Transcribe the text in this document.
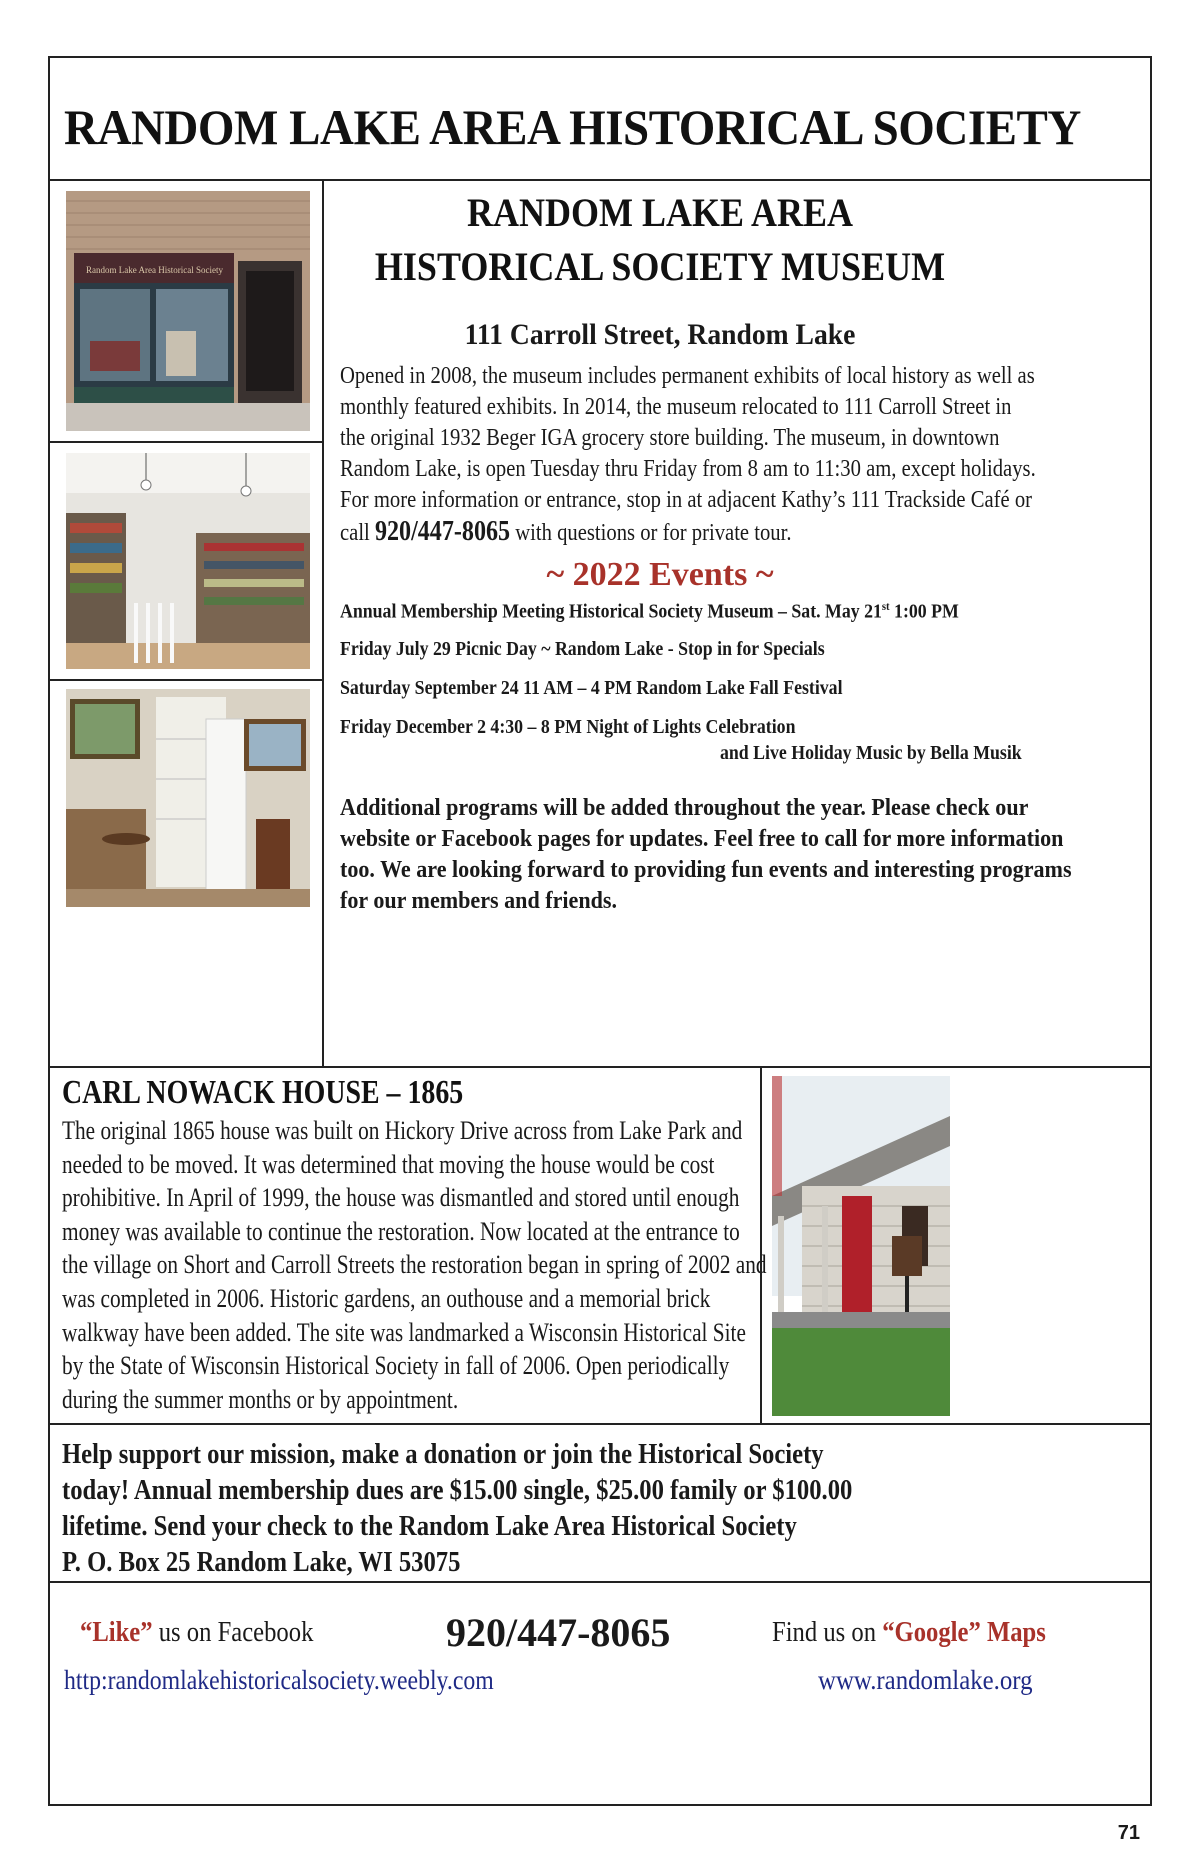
RANDOM LAKE AREA HISTORICAL SOCIETY
Random Lake Area Historical Society
RANDOM LAKE AREA
HISTORICAL SOCIETY MUSEUM
111 Carroll Street, Random Lake
Opened in 2008, the museum includes permanent exhibits of local history as well as monthly featured exhibits. In 2014, the museum relocated to 111 Carroll Street in the original 1932 Beger IGA grocery store building. The museum, in downtown Random Lake, is open Tuesday thru Friday from 8 am to 11:30 am, except holidays. For more information or entrance, stop in at adjacent Kathy’s 111 Trackside Café or call 920/447-8065 with questions or for private tour.
~ 2022 Events ~
Annual Membership Meeting Historical Society Museum – Sat. May 21st 1:00 PM
Friday July 29 Picnic Day ~ Random Lake - Stop in for Specials
Saturday September 24 11 AM – 4 PM Random Lake Fall Festival
Friday December 2 4:30 – 8 PM Night of Lights Celebration
and Live Holiday Music by Bella Musik
Additional programs will be added throughout the year. Please check our website or Facebook pages for updates. Feel free to call for more information too. We are looking forward to providing fun events and interesting programs for our members and friends.
CARL NOWACK HOUSE – 1865
The original 1865 house was built on Hickory Drive across from Lake Park and needed to be moved. It was determined that moving the house would be cost prohibitive. In April of 1999, the house was dismantled and stored until enough money was available to continue the restoration. Now located at the entrance to the village on Short and Carroll Streets the restoration began in spring of 2002 and was completed in 2006. Historic gardens, an outhouse and a memorial brick walkway have been added. The site was landmarked a Wisconsin Historical Site by the State of Wisconsin Historical Society in fall of 2006. Open periodically during the summer months or by appointment.
Help support our mission, make a donation or join the Historical Society
today! Annual membership dues are $15.00 single, $25.00 family or $100.00
lifetime. Send your check to the Random Lake Area Historical Society
P. O. Box 25 Random Lake, WI 53075
“Like” us on Facebook	920/447-8065	Find us on “Google” Maps
http:randomlakehistoricalsociety.weebly.com	www.randomlake.org
71
